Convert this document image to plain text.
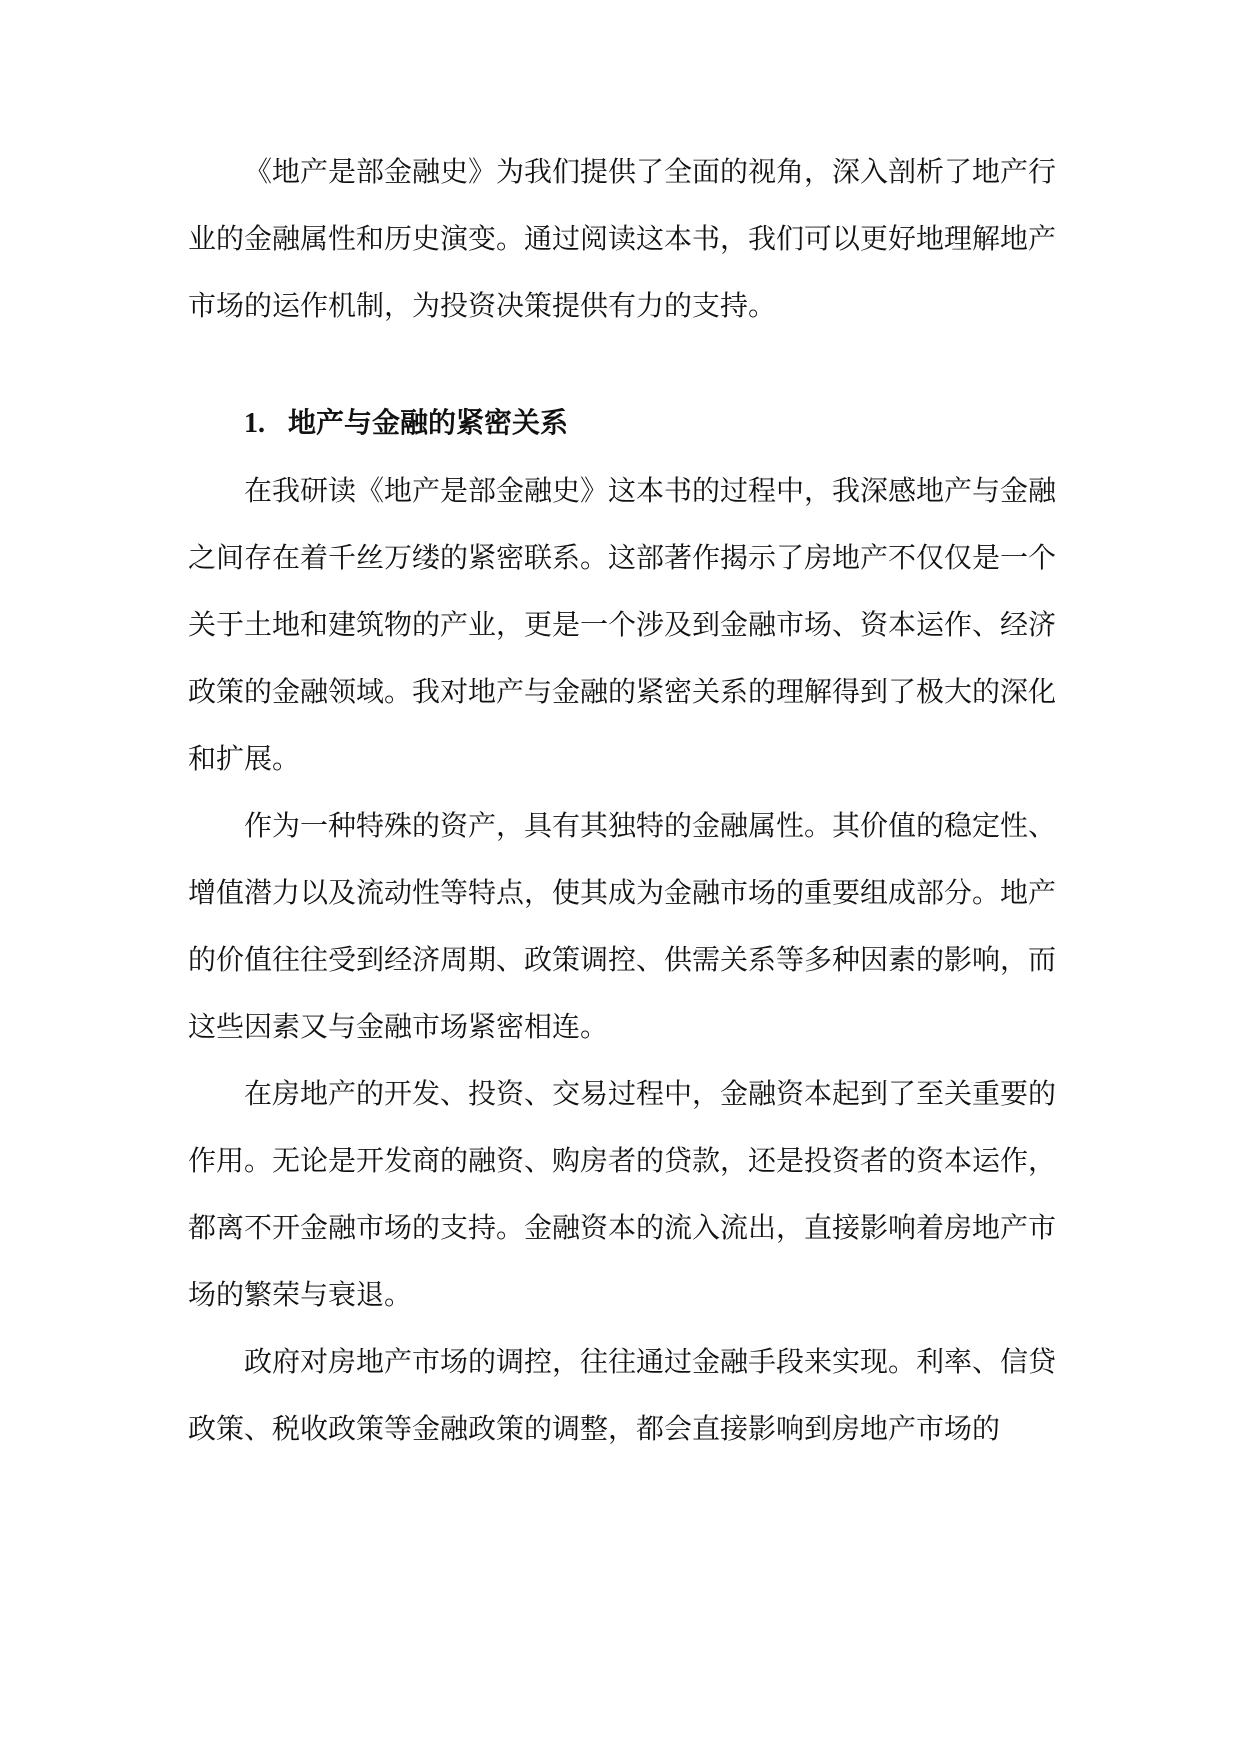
《地产是部金融史》为我们提供了全面的视角，深入剖析了地产行业的金融属性和历史演变。通过阅读这本书，我们可以更好地理解地产市场的运作机制，为投资决策提供有力的支持。

1. 地产与金融的紧密关系

在我研读《地产是部金融史》这本书的过程中，我深感地产与金融之间存在着千丝万缕的紧密联系。这部著作揭示了房地产不仅仅是一个关于土地和建筑物的产业，更是一个涉及到金融市场、资本运作、经济政策的金融领域。我对地产与金融的紧密关系的理解得到了极大的深化和扩展。

作为一种特殊的资产，具有其独特的金融属性。其价值的稳定性、增值潜力以及流动性等特点，使其成为金融市场的重要组成部分。地产的价值往往受到经济周期、政策调控、供需关系等多种因素的影响，而这些因素又与金融市场紧密相连。

在房地产的开发、投资、交易过程中，金融资本起到了至关重要的作用。无论是开发商的融资、购房者的贷款，还是投资者的资本运作，都离不开金融市场的支持。金融资本的流入流出，直接影响着房地产市场的繁荣与衰退。

政府对房地产市场的调控，往往通过金融手段来实现。利率、信贷政策、税收政策等金融政策的调整，都会直接影响到房地产市场的
